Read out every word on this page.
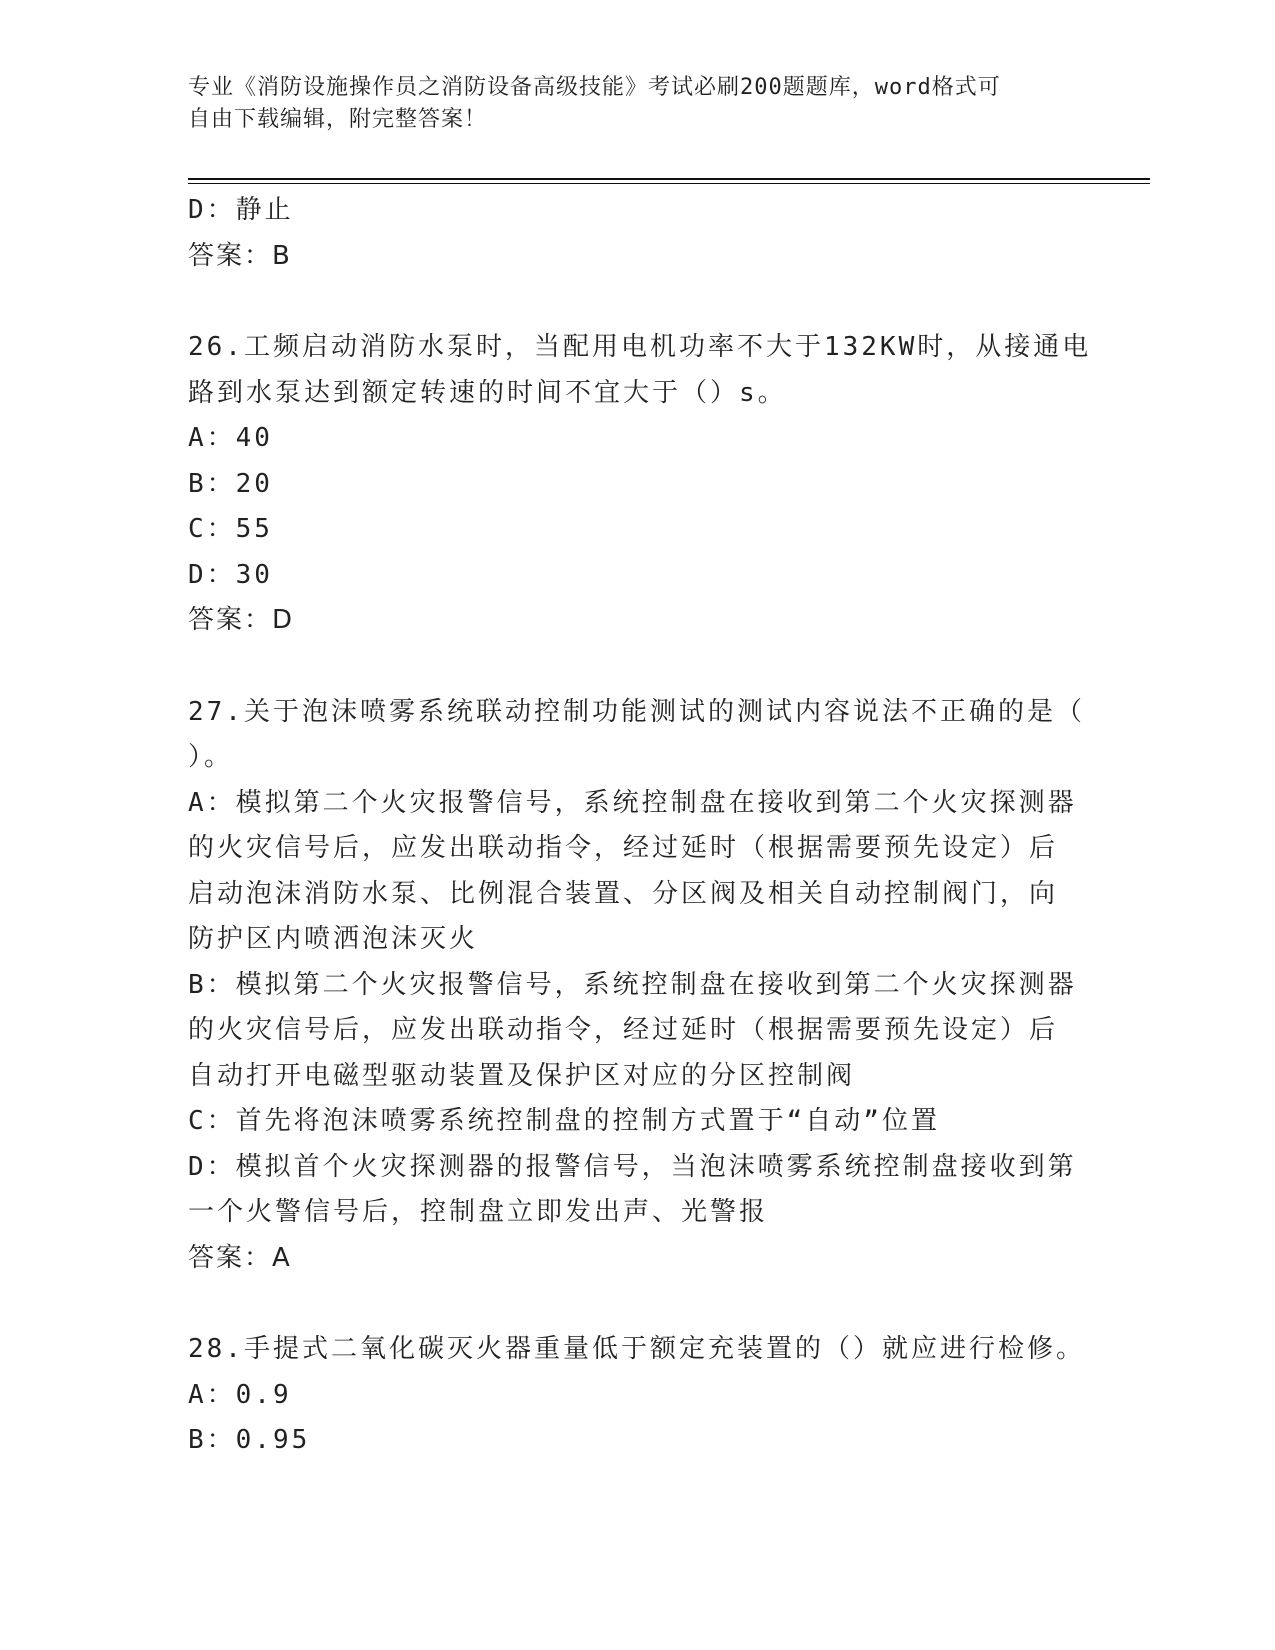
专业《消防设施操作员之消防设备高级技能》考试必刷200题题库，word格式可
自由下载编辑，附完整答案！
D：静止
答案：B
26.工频启动消防水泵时，当配用电机功率不大于132KW时，从接通电
路到水泵达到额定转速的时间不宜大于（）s。
A：40
B：20
C：55
D：30
答案：D
27.关于泡沫喷雾系统联动控制功能测试的测试内容说法不正确的是（
）。
A：模拟第二个火灾报警信号，系统控制盘在接收到第二个火灾探测器
的火灾信号后，应发出联动指令，经过延时（根据需要预先设定）后
启动泡沫消防水泵、比例混合装置、分区阀及相关自动控制阀门，向
防护区内喷洒泡沫灭火
B：模拟第二个火灾报警信号，系统控制盘在接收到第二个火灾探测器
的火灾信号后，应发出联动指令，经过延时（根据需要预先设定）后
自动打开电磁型驱动装置及保护区对应的分区控制阀
C：首先将泡沫喷雾系统控制盘的控制方式置于“自动”位置
D：模拟首个火灾探测器的报警信号，当泡沫喷雾系统控制盘接收到第
一个火警信号后，控制盘立即发出声、光警报
答案：A
28.手提式二氧化碳灭火器重量低于额定充装置的（）就应进行检修。
A：0.9
B：0.95
